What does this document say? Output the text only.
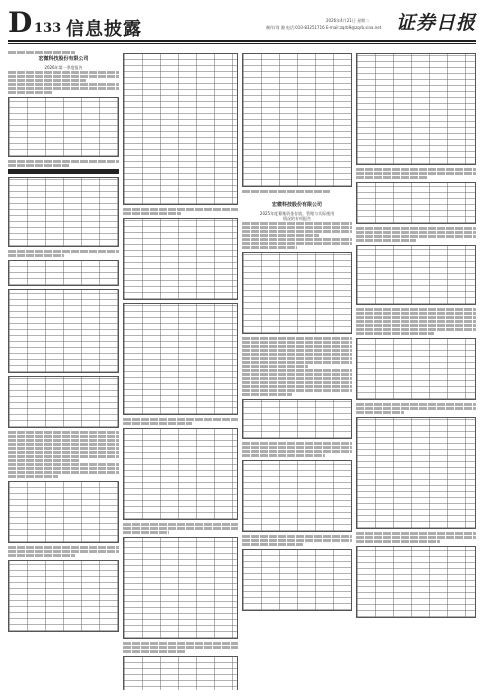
D 133 信息披露	2026年4月21日 星期二
制作/刘 湘 电话:010-83251716 E-mail:zqrb9@zqrb.sina.net 证券日报
宏微科技股份有限公司
2026年第一季度报告
宏微科技股份有限公司
2025年度募集资金存放、管理与实际使用
情况的专项报告
